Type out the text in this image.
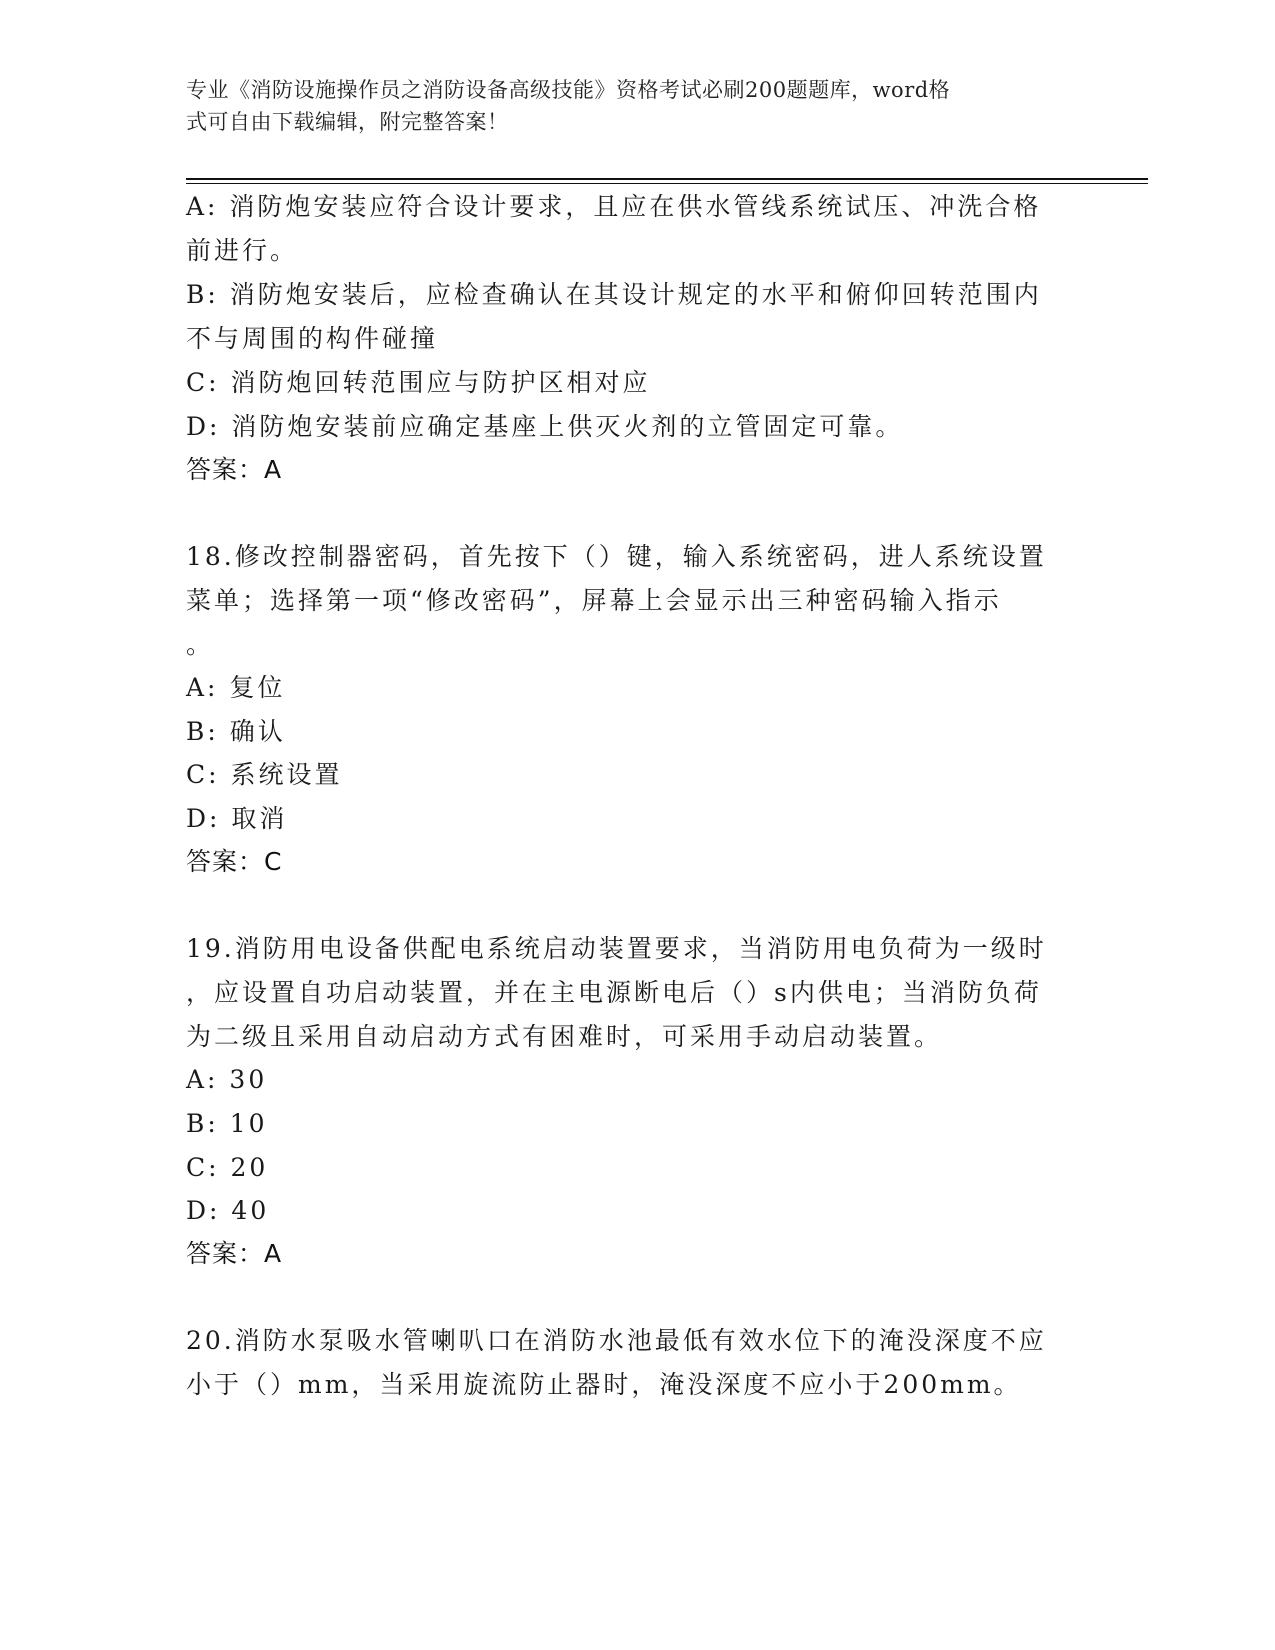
专业《消防设施操作员之消防设备高级技能》资格考试必刷200题题库，word格
式可自由下载编辑，附完整答案！
A: 消防炮安装应符合设计要求，且应在供水管线系统试压、冲洗合格
前进行。
B: 消防炮安装后，应检查确认在其设计规定的水平和俯仰回转范围内
不与周围的构件碰撞
C: 消防炮回转范围应与防护区相对应
D: 消防炮安装前应确定基座上供灭火剂的立管固定可靠。
答案：A
18.修改控制器密码，首先按下（）键，输入系统密码，进人系统设置
菜单；选择第一项“修改密码”，屏幕上会显示出三种密码输入指示
。
A: 复位
B: 确认
C: 系统设置
D: 取消
答案：C
19.消防用电设备供配电系统启动装置要求，当消防用电负荷为一级时
，应设置自功启动装置，并在主电源断电后（）s内供电；当消防负荷
为二级且采用自动启动方式有困难时，可采用手动启动装置。
A: 30
B: 10
C: 20
D: 40
答案：A
20.消防水泵吸水管喇叭口在消防水池最低有效水位下的淹没深度不应
小于（）mm，当采用旋流防止器时，淹没深度不应小于200mm。
